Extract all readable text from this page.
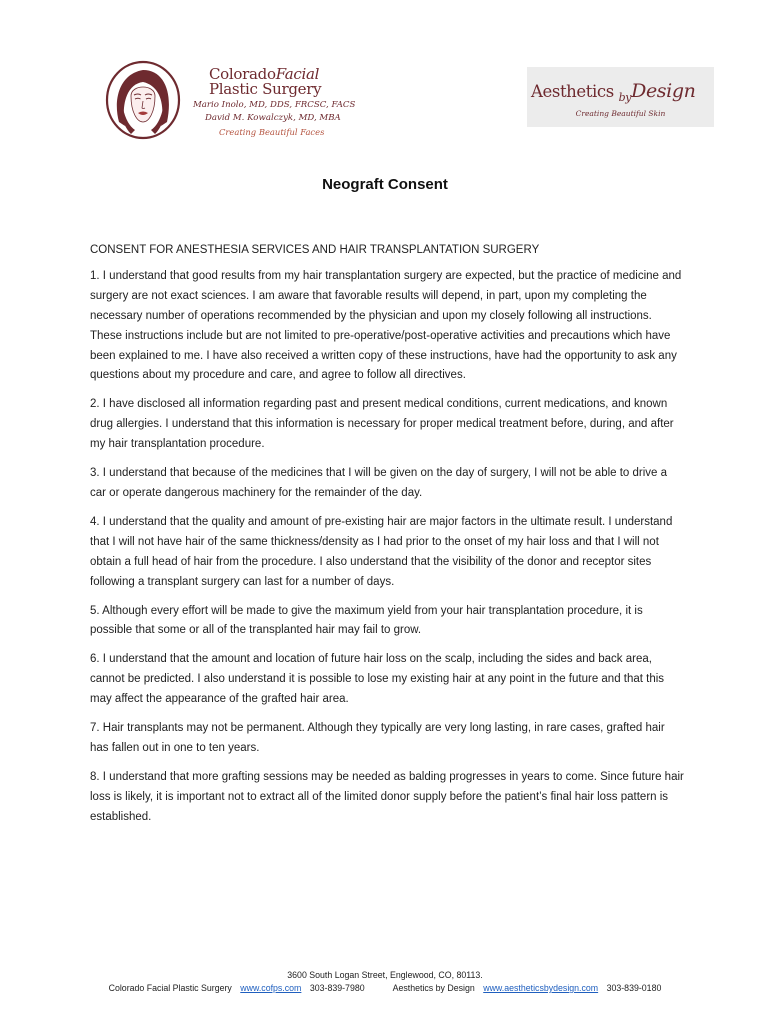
ColoradoFacial
Plastic Surgery
Mario Inolo, MD, DDS, FRCSC, FACS
David M. Kowalczyk, MD, MBA
Creating Beautiful Faces
Aesthetics $_{by}$Design
Creating Beautiful Skin
Neograft Consent

CONSENT FOR ANESTHESIA SERVICES AND HAIR TRANSPLANTATION SURGERY

1. I understand that good results from my hair transplantation surgery are expected, but the practice of medicine and surgery are not exact sciences. I am aware that favorable results will depend, in part, upon my completing the necessary number of operations recommended by the physician and upon my closely following all instructions. These instructions include but are not limited to pre-operative/post-operative activities and precautions which have been explained to me. I have also received a written copy of these instructions, have had the opportunity to ask any questions about my procedure and care, and agree to follow all directives.

2. I have disclosed all information regarding past and present medical conditions, current medications, and known drug allergies. I understand that this information is necessary for proper medical treatment before, during, and after my hair transplantation procedure.

3. I understand that because of the medicines that I will be given on the day of surgery, I will not be able to drive a car or operate dangerous machinery for the remainder of the day.

4. I understand that the quality and amount of pre-existing hair are major factors in the ultimate result. I understand that I will not have hair of the same thickness/density as I had prior to the onset of my hair loss and that I will not obtain a full head of hair from the procedure. I also understand that the visibility of the donor and receptor sites following a transplant surgery can last for a number of days.

5. Although every effort will be made to give the maximum yield from your hair transplantation procedure, it is possible that some or all of the transplanted hair may fail to grow.

6. I understand that the amount and location of future hair loss on the scalp, including the sides and back area, cannot be predicted. I also understand it is possible to lose my existing hair at any point in the future and that this may affect the appearance of the grafted hair area.

7. Hair transplants may not be permanent. Although they typically are very long lasting, in rare cases, grafted hair has fallen out in one to ten years.

8. I understand that more grafting sessions may be needed as balding progresses in years to come. Since future hair loss is likely, it is important not to extract all of the limited donor supply before the patient’s final hair loss pattern is established.

3600 South Logan Street, Englewood, CO, 80113.
Colorado Facial Plastic Surgery www.cofps.com 303-839-7980	Aesthetics by Design www.aestheticsbydesign.com 303-839-0180
